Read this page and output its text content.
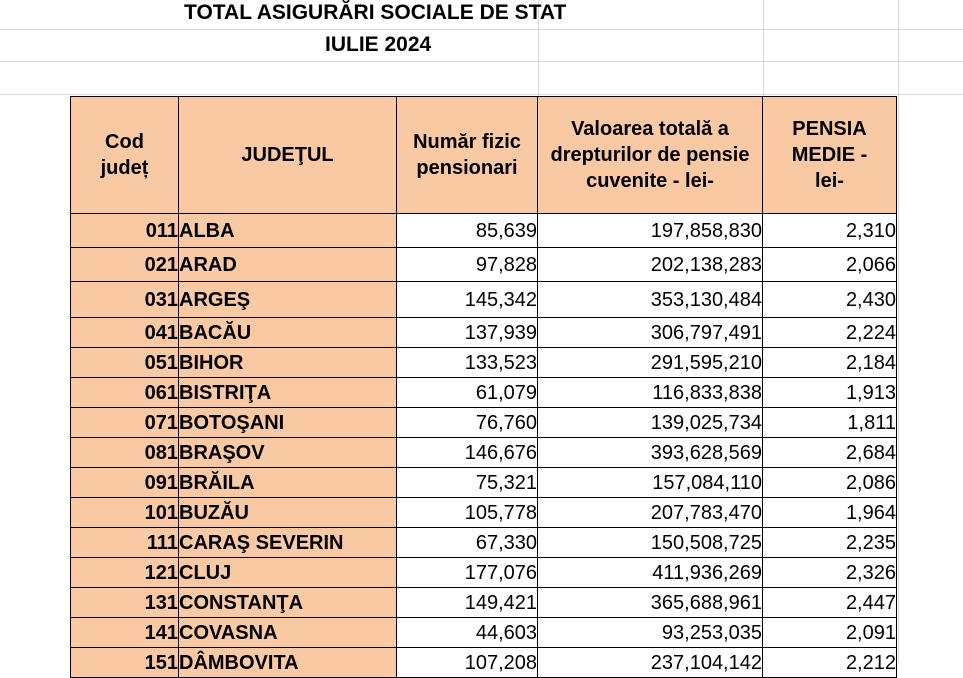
TOTAL ASIGURĂRI SOCIALE DE STAT
IULIE 2024
Cod județ	JUDEŢUL	Număr fizic pensionari	Valoarea totală a drepturilor de pensie cuvenite - lei-	PENSIA MEDIE -lei-
011	ALBA	85,639	197,858,830	2,310
021	ARAD	97,828	202,138,283	2,066
031	ARGEŞ	145,342	353,130,484	2,430
041	BACĂU	137,939	306,797,491	2,224
051	BIHOR	133,523	291,595,210	2,184
061	BISTRIŢA	61,079	116,833,838	1,913
071	BOTOŞANI	76,760	139,025,734	1,811
081	BRAŞOV	146,676	393,628,569	2,684
091	BRĂILA	75,321	157,084,110	2,086
101	BUZĂU	105,778	207,783,470	1,964
111	CARAŞ SEVERIN	67,330	150,508,725	2,235
121	CLUJ	177,076	411,936,269	2,326
131	CONSTANŢA	149,421	365,688,961	2,447
141	COVASNA	44,603	93,253,035	2,091
151	DÂMBOVITA	107,208	237,104,142	2,212
